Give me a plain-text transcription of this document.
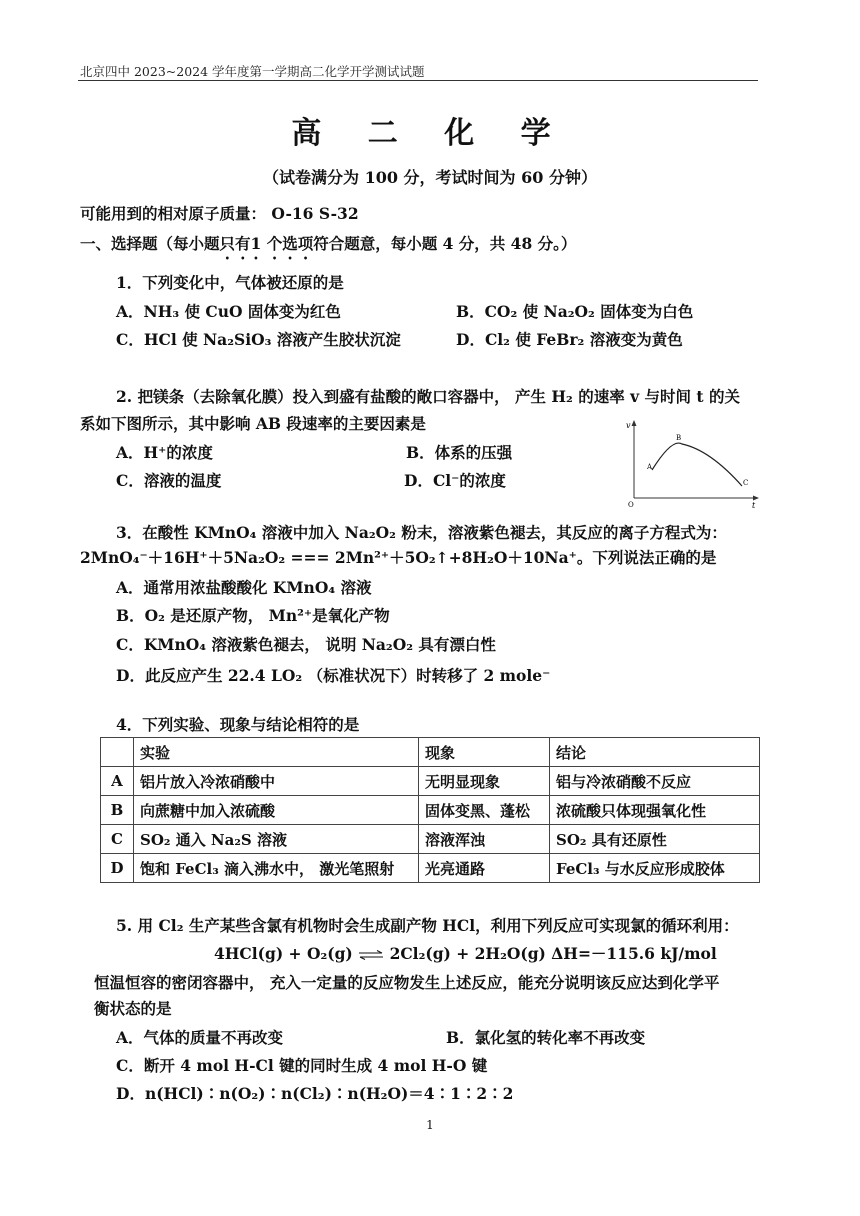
北京四中 2023~2024 学年度第一学期高二化学开学测试试题
高 二 化 学
（试卷满分为 100 分，考试时间为 60 分钟）
可能用到的相对原子质量： O-16 S-32
一、选择题（每小题只有1 个选项符合题意，每小题 4 分，共 48 分。）
1．下列变化中，气体被还原的是
A．NH₃ 使 CuO 固体变为红色	B．CO₂ 使 Na₂O₂ 固体变为白色
C．HCl 使 Na₂SiO₃ 溶液产生胶状沉淀	D．Cl₂ 使 FeBr₂ 溶液变为黄色
2. 把镁条（去除氧化膜）投入到盛有盐酸的敞口容器中， 产生 H₂ 的速率 v 与时间 t 的关
系如下图所示，其中影响 AB 段速率的主要因素是
A．H⁺的浓度	B．体系的压强
C．溶液的温度	D．Cl⁻的浓度
v
t
O
A
B
C
3．在酸性 KMnO₄ 溶液中加入 Na₂O₂ 粉末，溶液紫色褪去，其反应的离子方程式为：
2MnO₄⁻＋16H⁺＋5Na₂O₂ === 2Mn²⁺＋5O₂↑+8H₂O＋10Na⁺。下列说法正确的是
A．通常用浓盐酸酸化 KMnO₄ 溶液
B．O₂ 是还原产物， Mn²⁺是氧化产物
C．KMnO₄ 溶液紫色褪去， 说明 Na₂O₂ 具有漂白性
D．此反应产生 22.4 LO₂ （标准状况下）时转移了 2 mole⁻
4．下列实验、现象与结论相符的是
	实验	现象	结论
A	铝片放入冷浓硝酸中	无明显现象	铝与冷浓硝酸不反应
B	向蔗糖中加入浓硫酸	固体变黑、蓬松	浓硫酸只体现强氧化性
C	SO₂ 通入 Na₂S 溶液	溶液浑浊	SO₂ 具有还原性
D	饱和 FeCl₃ 滴入沸水中， 激光笔照射	光亮通路	FeCl₃ 与水反应形成胶体
5. 用 Cl₂ 生产某些含氯有机物时会生成副产物 HCl，利用下列反应可实现氯的循环利用：
4HCl(g) + O₂(g) ⇌ 2Cl₂(g) + 2H₂O(g) ΔH=－115.6 kJ/mol
恒温恒容的密闭容器中， 充入一定量的反应物发生上述反应，能充分说明该反应达到化学平
衡状态的是
A．气体的质量不再改变	B．氯化氢的转化率不再改变
C．断开 4 mol H-Cl 键的同时生成 4 mol H-O 键
D．n(HCl)∶n(O₂)∶n(Cl₂)∶n(H₂O)＝4∶1∶2∶2
1
